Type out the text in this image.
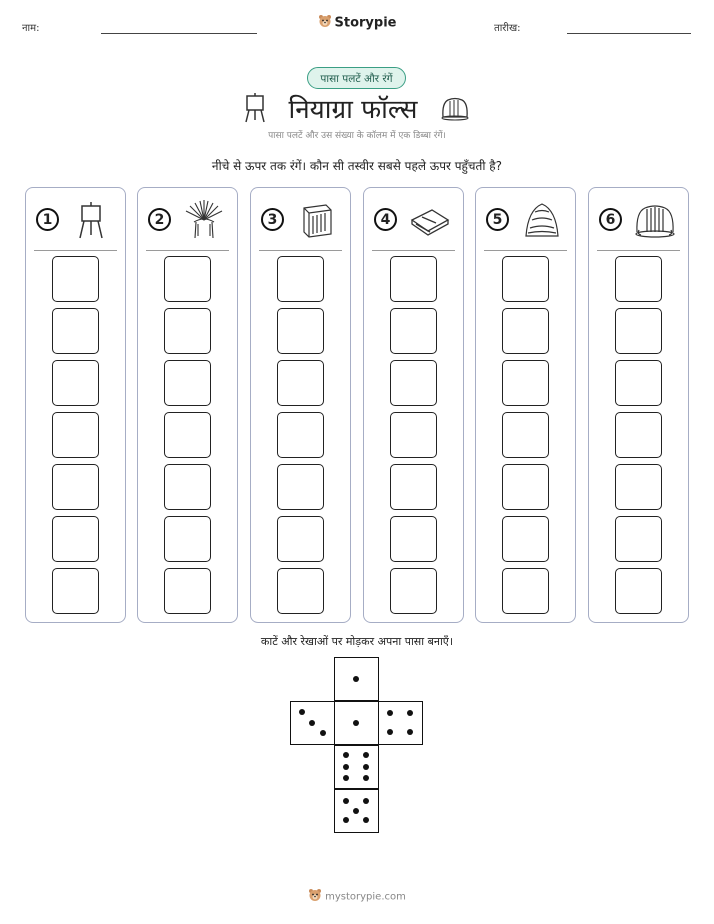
नाम:	Storypie	तारीख:
पासा पलटें और रंगें
नियाग्रा फॉल्स
पासा पलटें और उस संख्या के कॉलम में एक डिब्बा रंगें।
नीचे से ऊपर तक रंगें। कौन सी तस्वीर सबसे पहले ऊपर पहुँचती है?
1	2	3	4	5	6
काटें और रेखाओं पर मोड़कर अपना पासा बनाएँ।
mystorypie.com
